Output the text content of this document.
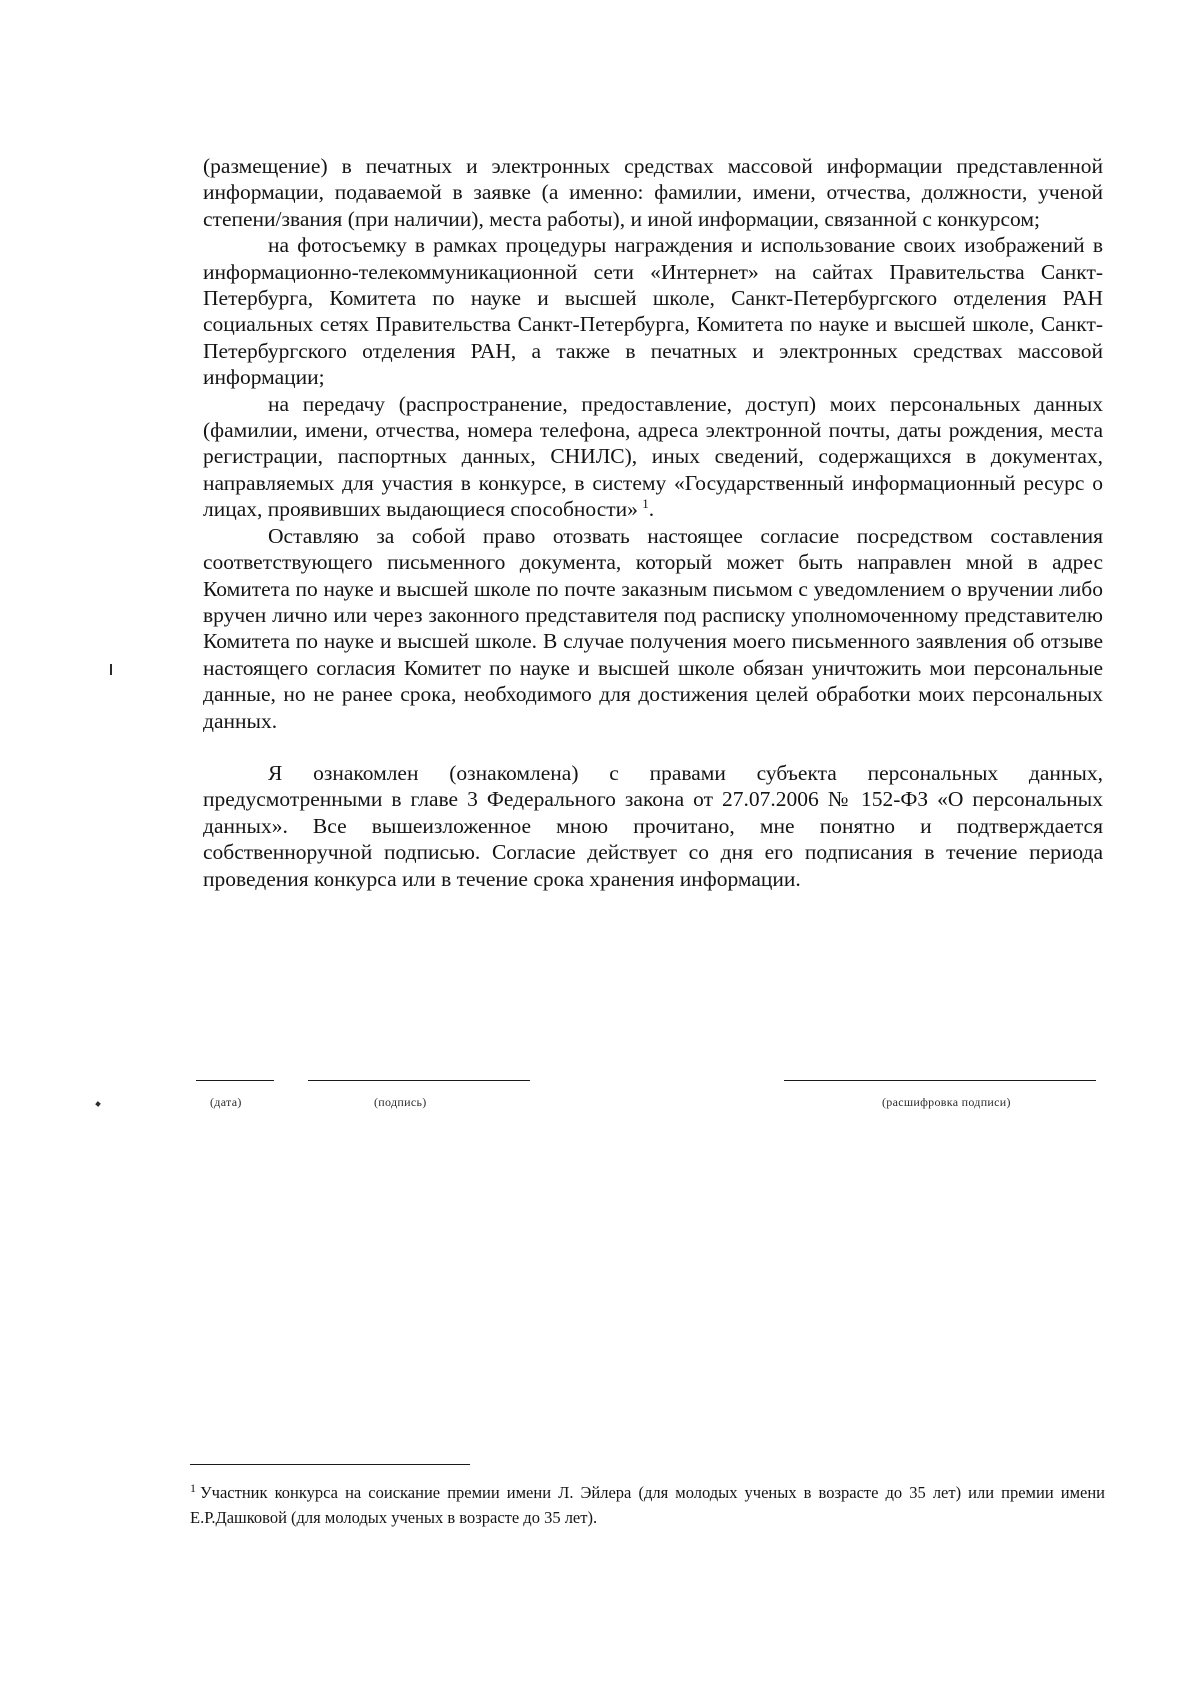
(размещение) в печатных и электронных средствах массовой информации представленной информации, подаваемой в заявке (а именно: фамилии, имени, отчества, должности, ученой степени/звания (при наличии), места работы), и иной информации, связанной с конкурсом;

на фотосъемку в рамках процедуры награждения и использование своих изображений в информационно-телекоммуникационной сети «Интернет» на сайтах Правительства Санкт-Петербурга, Комитета по науке и высшей школе, Санкт-Петербургского отделения РАН социальных сетях Правительства Санкт-Петербурга, Комитета по науке и высшей школе, Санкт-Петербургского отделения РАН, а также в печатных и электронных средствах массовой информации;

на передачу (распространение, предоставление, доступ) моих персональных данных (фамилии, имени, отчества, номера телефона, адреса электронной почты, даты рождения, места регистрации, паспортных данных, СНИЛС), иных сведений, содержащихся в документах, направляемых для участия в конкурсе, в систему «Государственный информационный ресурс о лицах, проявивших выдающиеся способности»  $^1$.

Оставляю за собой право отозвать настоящее согласие посредством составления соответствующего письменного документа, который может быть направлен мной в адрес Комитета по науке и высшей школе по почте заказным письмом с уведомлением о вручении либо вручен лично или через законного представителя под расписку уполномоченному представителю Комитета по науке и высшей школе. В случае получения моего письменного заявления об отзыве настоящего согласия Комитет по науке и высшей школе обязан уничтожить мои персональные данные, но не ранее срока, необходимого для достижения целей обработки моих персональных данных.

Я ознакомлен (ознакомлена) с правами субъекта персональных данных, предусмотренными в главе 3 Федерального закона от 27.07.2006 № 152-ФЗ «О персональных данных». Все вышеизложенное мною прочитано, мне понятно и подтверждается собственноручной подписью. Согласие действует со дня его подписания в течение периода проведения конкурса или в течение срока хранения информации.

(дата)	(подпись)	(расшифровка подписи)
$^1$ Участник конкурса на соискание премии имени Л. Эйлера (для молодых ученых в возрасте до 35 лет) или премии имени Е.Р.Дашковой (для молодых ученых в возрасте до 35 лет).
